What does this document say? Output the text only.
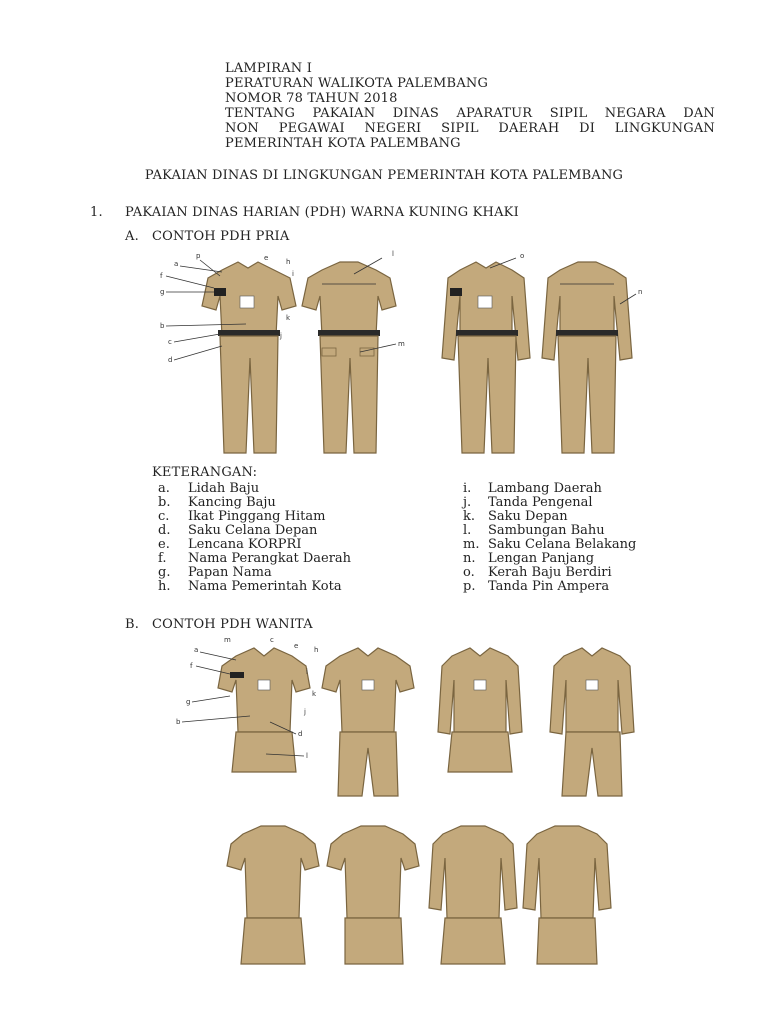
LAMPIRAN I
PERATURAN WALIKOTA PALEMBANG
NOMOR 78 TAHUN 2018
TENTANG PAKAIAN DINAS APARATUR SIPIL NEGARA DAN
NON PEGAWAI NEGERI SIPIL DAERAH DI LINGKUNGAN
PEMERINTAH KOTA PALEMBANG
PAKAIAN DINAS DI LINGKUNGAN PEMERINTAH KOTA PALEMBANG
1. PAKAIAN DINAS HARIAN (PDH) WARNA KUNING KHAKI
A. CONTOH PDH PRIA
p
a
f
g
b
c
d
e	h
i
k
j
l
m
o
n
KETERANGAN:
a. Lidah Baju
b. Kancing Baju
c. Ikat Pinggang Hitam
d. Saku Celana Depan
e. Lencana KORPRI
f. Nama Perangkat Daerah
g. Papan Nama
h. Nama Pemerintah Kota
i. Lambang Daerah
j. Tanda Pengenal
k. Saku Depan
l. Sambungan Bahu
m. Saku Celana Belakang
n. Lengan Panjang
o. Kerah Baju Berdiri
p. Tanda Pin Ampera
B. CONTOH PDH WANITA
m	c
a	e h
f
i
k
g
j
b
d
l
